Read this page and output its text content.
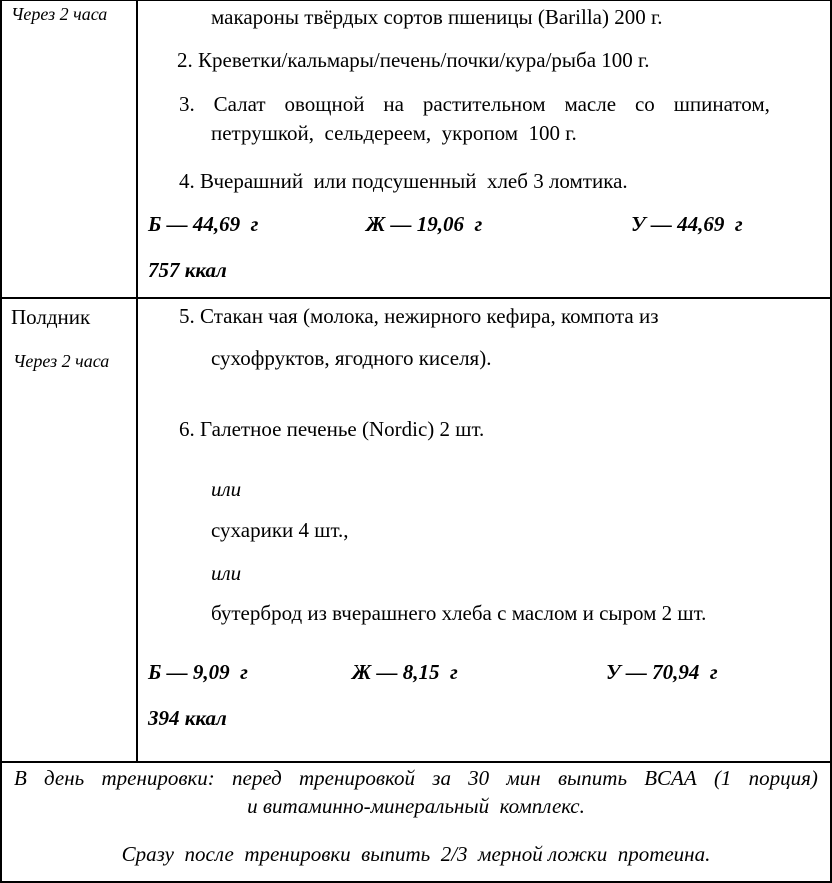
Через 2 часа	макароны твёрдых сортов пшеницы (Barilla) 200 г.
2. Креветки/кальмары/печень/почки/кура/рыба 100 г.
3. Салат овощной на растительном масле со шпинатом,
петрушкой,  сельдереем,  укропом  100 г.
4. Вчерашний  или подсушенный  хлеб 3 ломтика.
Б — 44,69  г	Ж — 19,06  г	У — 44,69  г
757 ккал
Полдник
Через 2 часа
5. Стакан чая (молока, нежирного кефира, компота из
сухофруктов, ягодного киселя).
6. Галетное печенье (Nordic) 2 шт.
или
сухарики 4 шт.,
или
бутерброд из вчерашнего хлеба с маслом и сыром 2 шт.
Б — 9,09  г	Ж — 8,15  г	У — 70,94  г
394 ккал
В день тренировки: перед тренировкой за 30 мин выпить BCAA (1 порция)
и витаминно-минеральный  комплекс.
Сразу  после  тренировки  выпить  2/3  мерной ложки  протеина.
